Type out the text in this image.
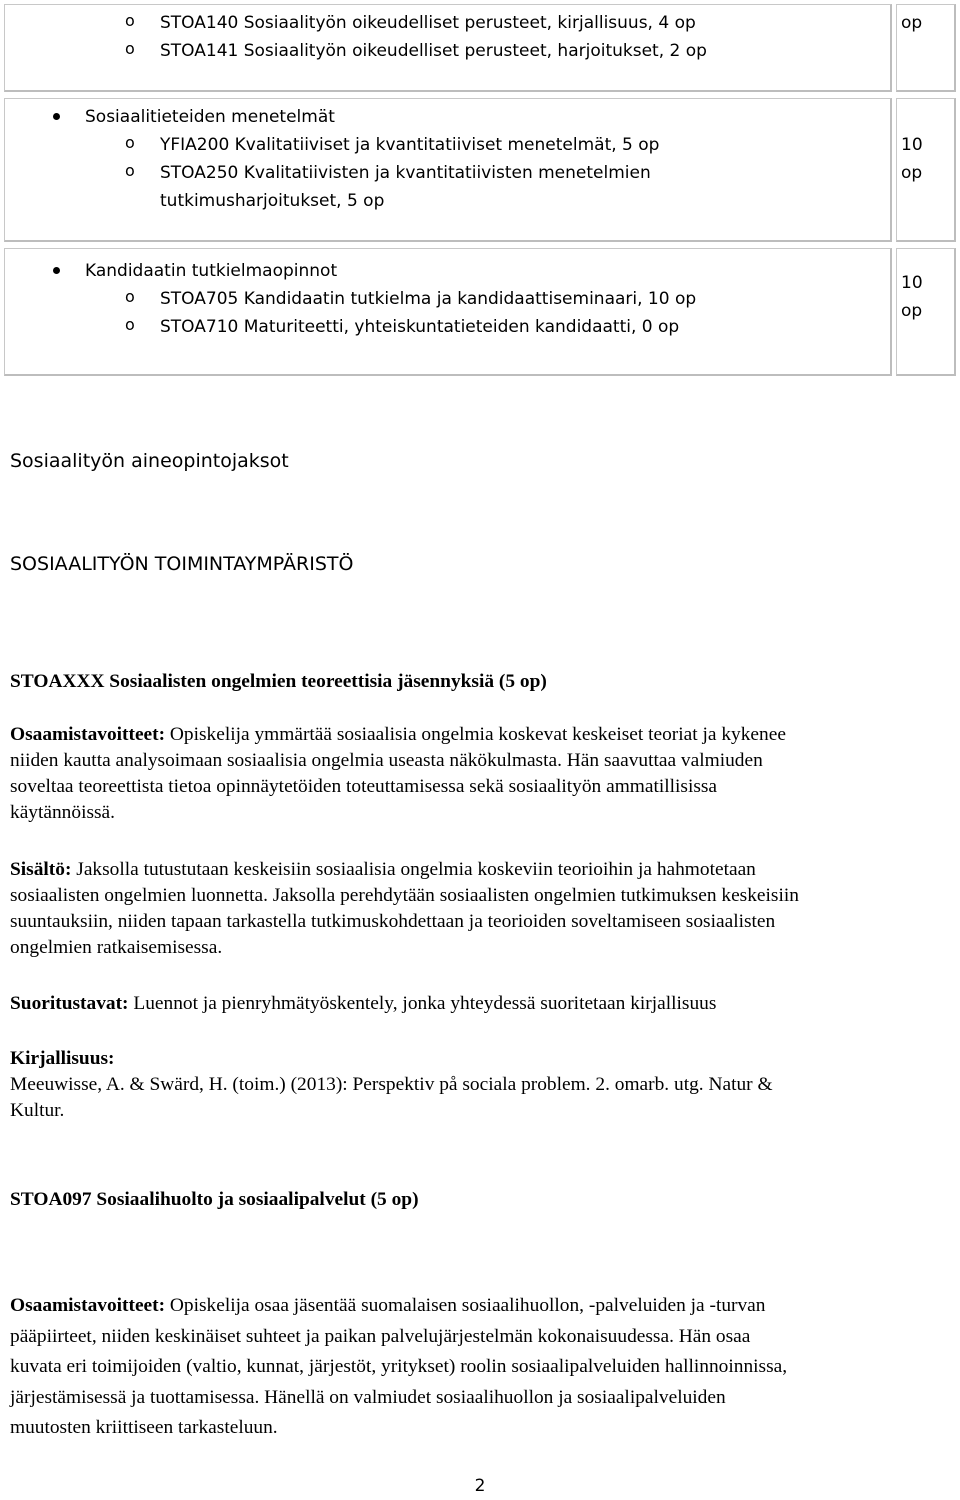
o STOA140 Sosiaalityön oikeudelliset perusteet, kirjallisuus, 4 op
o STOA141 Sosiaalityön oikeudelliset perusteet, harjoitukset, 2 op
op
Sosiaalitieteiden menetelmät
o YFIA200 Kvalitatiiviset ja kvantitatiiviset menetelmät, 5 op
o STOA250 Kvalitatiivisten ja kvantitatiivisten menetelmien
tutkimusharjoitukset, 5 op
10
op
Kandidaatin tutkielmaopinnot
o STOA705 Kandidaatin tutkielma ja kandidaattiseminaari, 10 op
o STOA710 Maturiteetti, yhteiskuntatieteiden kandidaatti, 0 op
10
op
Sosiaalityön aineopintojaksot
SOSIAALITYÖN TOIMINTAYMPÄRISTÖ
STOAXXX Sosiaalisten ongelmien teoreettisia jäsennyksiä (5 op)
Osaamistavoitteet: Opiskelija ymmärtää sosiaalisia ongelmia koskevat keskeiset teoriat ja kykenee
niiden kautta analysoimaan sosiaalisia ongelmia useasta näkökulmasta. Hän saavuttaa valmiuden
soveltaa teoreettista tietoa opinnäytetöiden toteuttamisessa sekä sosiaalityön ammatillisissa
käytännöissä.
Sisältö: Jaksolla tutustutaan keskeisiin sosiaalisia ongelmia koskeviin teorioihin ja hahmotetaan
sosiaalisten ongelmien luonnetta. Jaksolla perehdytään sosiaalisten ongelmien tutkimuksen keskeisiin
suuntauksiin, niiden tapaan tarkastella tutkimuskohdettaan ja teorioiden soveltamiseen sosiaalisten
ongelmien ratkaisemisessa.
Suoritustavat: Luennot ja pienryhmätyöskentely, jonka yhteydessä suoritetaan kirjallisuus
Kirjallisuus:
Meeuwisse, A. & Swärd, H. (toim.) (2013): Perspektiv på sociala problem. 2. omarb. utg. Natur &
Kultur.
STOA097 Sosiaalihuolto ja sosiaalipalvelut (5 op)
Osaamistavoitteet: Opiskelija osaa jäsentää suomalaisen sosiaalihuollon, -palveluiden ja -turvan
pääpiirteet, niiden keskinäiset suhteet ja paikan palvelujärjestelmän kokonaisuudessa. Hän osaa
kuvata eri toimijoiden (valtio, kunnat, järjestöt, yritykset) roolin sosiaalipalveluiden hallinnoinnissa,
järjestämisessä ja tuottamisessa. Hänellä on valmiudet sosiaalihuollon ja sosiaalipalveluiden
muutosten kriittiseen tarkasteluun.
2
